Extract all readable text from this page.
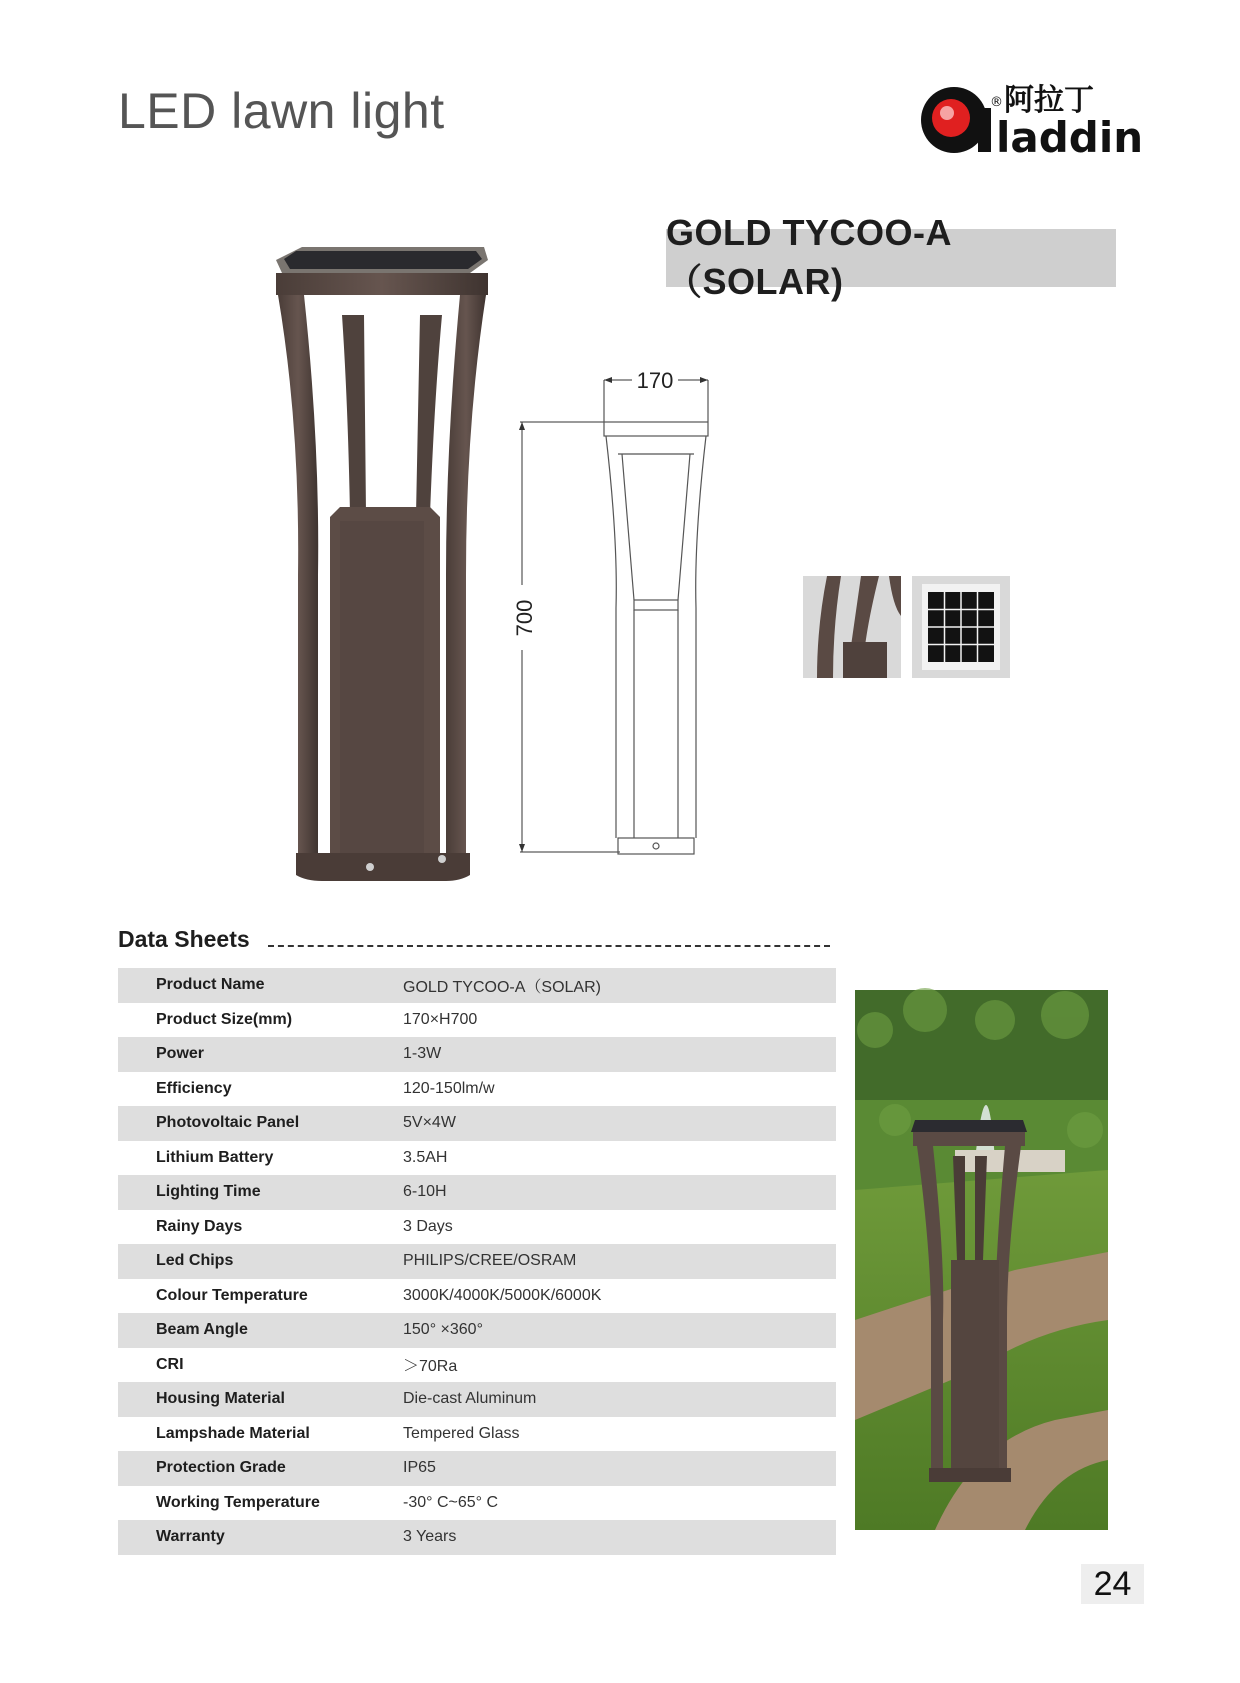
LED lawn light	® 阿拉丁
laddin
GOLD TYCOO-A（SOLAR)
170
700
Data Sheets
Product Name	GOLD TYCOO-A（SOLAR)
Product Size(mm)	170×H700
Power	1-3W
Efficiency	120-150lm/w
Photovoltaic Panel	5V×4W
Lithium Battery	3.5AH
Lighting Time	6-10H
Rainy Days	3 Days
Led Chips	PHILIPS/CREE/OSRAM
Colour Temperature	3000K/4000K/5000K/6000K
Beam Angle	150° ×360°
CRI	＞70Ra
Housing Material	Die-cast Aluminum
Lampshade Material	Tempered Glass
Protection Grade	IP65
Working Temperature	-30° C~65° C
Warranty	3 Years
24
